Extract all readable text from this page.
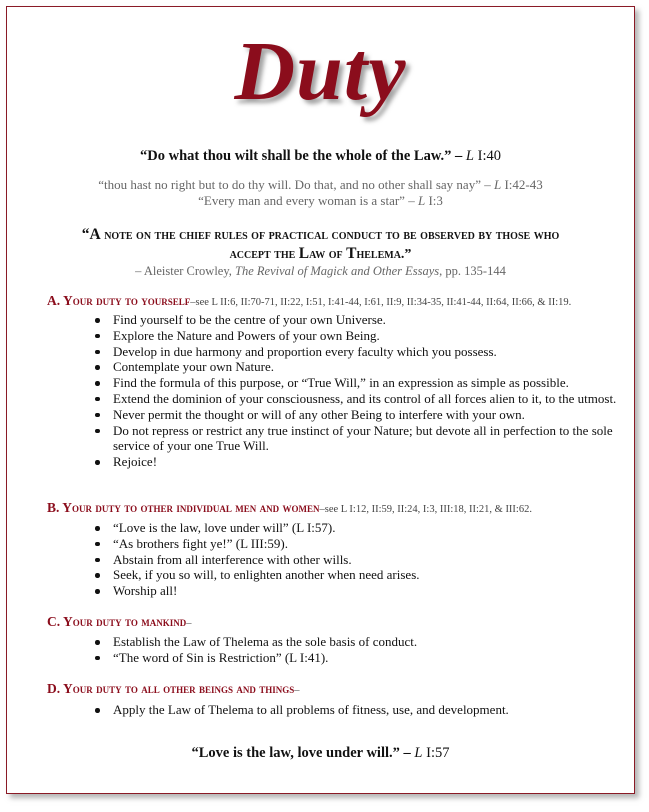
Duty
“Do what thou wilt shall be the whole of the Law.” – L I:40
“thou hast no right but to do thy will. Do that, and no other shall say nay” – L I:42-43
“Every man and every woman is a star” – L I:3
“A note on the chief rules of practical conduct to be observed by those who
accept the Law of Thelema.”
– Aleister Crowley, The Revival of Magick and Other Essays, pp. 135-144
A. Your duty to yourself–see L II:6, II:70-71, II:22, I:51, I:41-44, I:61, II:9, II:34-35, II:41-44, II:64, II:66, & II:19.
Find yourself to be the centre of your own Universe.
Explore the Nature and Powers of your own Being.
Develop in due harmony and proportion every faculty which you possess.
Contemplate your own Nature.
Find the formula of this purpose, or “True Will,” in an expression as simple as possible.
Extend the dominion of your consciousness, and its control of all forces alien to it, to the utmost.
Never permit the thought or will of any other Being to interfere with your own.
Do not repress or restrict any true instinct of your Nature; but devote all in perfection to the sole service of your one True Will.
Rejoice!
B. Your duty to other individual men and women–see L I:12, II:59, II:24, I:3, III:18, II:21, & III:62.
“Love is the law, love under will” (L I:57).
“As brothers fight ye!” (L III:59).
Abstain from all interference with other wills.
Seek, if you so will, to enlighten another when need arises.
Worship all!
C. Your duty to mankind–
Establish the Law of Thelema as the sole basis of conduct.
“The word of Sin is Restriction” (L I:41).
D. Your duty to all other beings and things–
Apply the Law of Thelema to all problems of fitness, use, and development.
“Love is the law, love under will.” – L I:57
